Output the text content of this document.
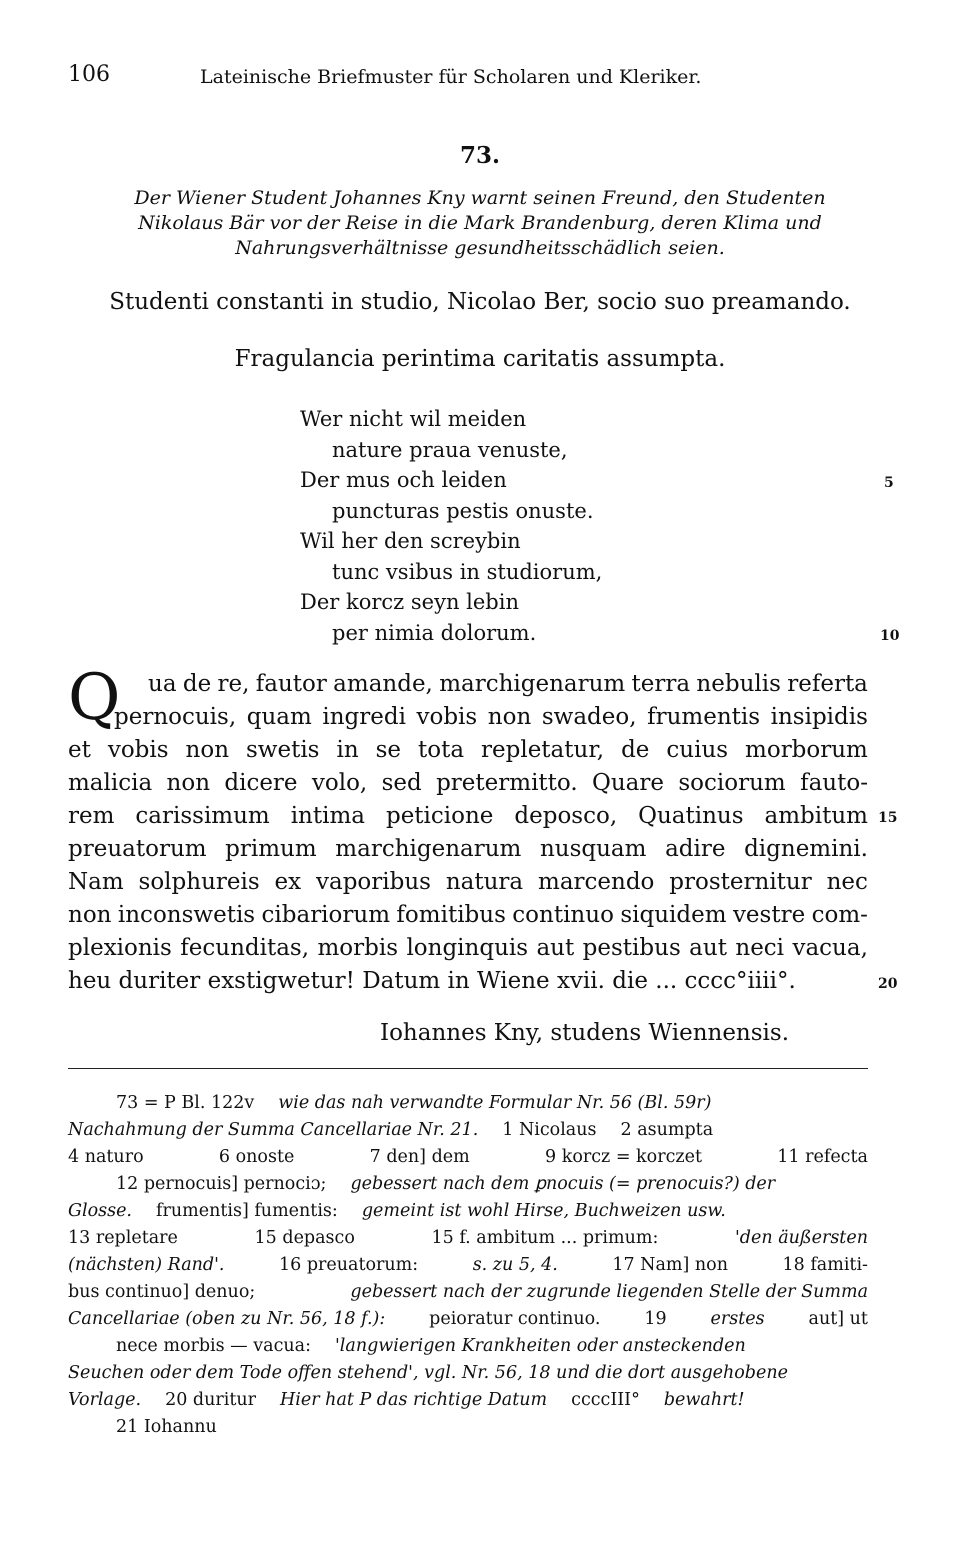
106	Lateinische Briefmuster für Scholaren und Kleriker.
73.
Der Wiener Student Johannes Kny warnt seinen Freund, den Studenten
Nikolaus Bär vor der Reise in die Mark Brandenburg, deren Klima und
Nahrungsverhältnisse gesundheitsschädlich seien.
Studenti constanti in studio, Nicolao Ber, socio suo preamando.
Fragulancia perintima caritatis assumpta.
Wer nicht wil meiden
nature praua venuste,
Der mus och leiden
puncturas pestis onuste.
Wil her den screybin
tunc vsibus in studiorum,
Der korcz seyn lebin
per nimia dolorum.
5
10
15
20
Q ua de re, fautor amande, marchigenarum terra nebulis referta
pernocuis, quam ingredi vobis non swadeo, frumentis insipidis
et vobis non swetis in se tota repletatur, de cuius morborum
malicia non dicere volo, sed pretermitto. Quare sociorum fauto-
rem carissimum intima peticione deposco, Quatinus ambitum
preuatorum primum marchigenarum nusquam adire dignemini.
Nam solphureis ex vaporibus natura marcendo prosternitur nec
non inconswetis cibariorum fomitibus continuo siquidem vestre com-
plexionis fecunditas, morbis longinquis aut pestibus aut neci vacua,
heu duriter exstigwetur! Datum in Wiene xvii. die ... cccc°iiii°.
Iohannes Kny, studens Wiennensis.
73 = P Bl. 122v wie das nah verwandte Formular Nr. 56 (Bl. 59r)
Nachahmung der Summa Cancellariae Nr. 21. 1 Nicolaus 2 asumpta
4 naturo	6 onoste	7 den] dem	9 korcz = korczet	11 refecta
12 pernocuis] pernociɔ; gebessert nach dem ꝑnocuis (= prenocuis?) der
Glosse. frumentis] fumentis: gemeint ist wohl Hirse, Buchweizen usw.
13 repletare	15 depasco	15 f. ambitum ... primum:	'den äußersten
(nächsten) Rand'.	16 preuatorum:	s. zu 5, 4.	17 Nam] non	18 famiti-
bus continuo] denuo;	gebessert nach der zugrunde liegenden Stelle der Summa
Cancellariae (oben zu Nr. 56, 18 f.):	peioratur continuo.	19	erstes	aut] ut
nece morbis — vacua: 'langwierigen Krankheiten oder ansteckenden
Seuchen oder dem Tode offen stehend', vgl. Nr. 56, 18 und die dort ausgehobene
Vorlage. 20 duritur Hier hat P das richtige Datum ccccIII° bewahrt!
21 Iohannu
